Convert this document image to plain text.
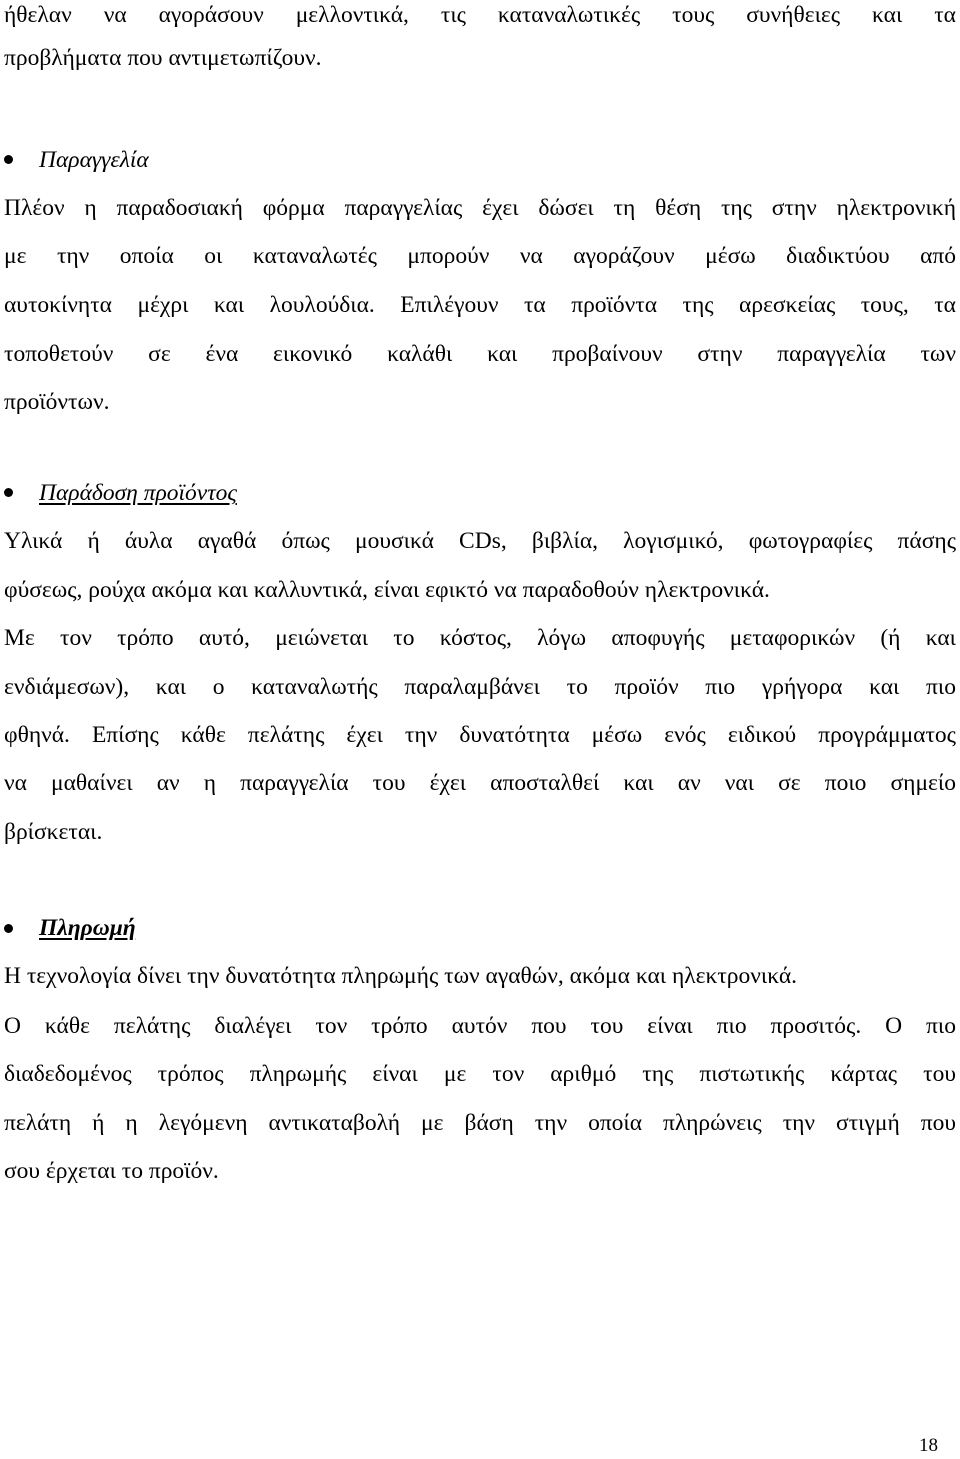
ήθελαν να αγοράσουν μελλοντικά, τις καταναλωτικές τους συνήθειες και τα
προβλήματα που αντιμετωπίζουν.
Παραγγελία
Πλέον η παραδοσιακή φόρμα παραγγελίας έχει δώσει τη θέση της στην ηλεκτρονική
με την οποία οι καταναλωτές μπορούν να αγοράζουν μέσω διαδικτύου από
αυτοκίνητα μέχρι και λουλούδια. Επιλέγουν τα προϊόντα της αρεσκείας τους, τα
τοποθετούν σε ένα εικονικό καλάθι και προβαίνουν στην παραγγελία των
προϊόντων.
Παράδοση προϊόντος
Υλικά ή άυλα αγαθά όπως μουσικά CDs, βιβλία, λογισμικό, φωτογραφίες πάσης
φύσεως, ρούχα ακόμα και καλλυντικά, είναι εφικτό να παραδοθούν ηλεκτρονικά.
Με τον τρόπο αυτό, μειώνεται το κόστος, λόγω αποφυγής μεταφορικών (ή και
ενδιάμεσων), και ο καταναλωτής παραλαμβάνει το προϊόν πιο γρήγορα και πιο
φθηνά. Επίσης κάθε πελάτης έχει την δυνατότητα μέσω ενός ειδικού προγράμματος
να μαθαίνει αν η παραγγελία του έχει αποσταλθεί και αν ναι σε ποιο σημείο
βρίσκεται.
Πληρωμή
Η τεχνολογία δίνει την δυνατότητα πληρωμής των αγαθών, ακόμα και ηλεκτρονικά.
Ο κάθε πελάτης διαλέγει τον τρόπο αυτόν που του είναι πιο προσιτός. Ο πιο
διαδεδομένος τρόπος πληρωμής είναι με τον αριθμό της πιστωτικής κάρτας του
πελάτη ή η λεγόμενη αντικαταβολή με βάση την οποία πληρώνεις την στιγμή που
σου έρχεται το προϊόν.
18
